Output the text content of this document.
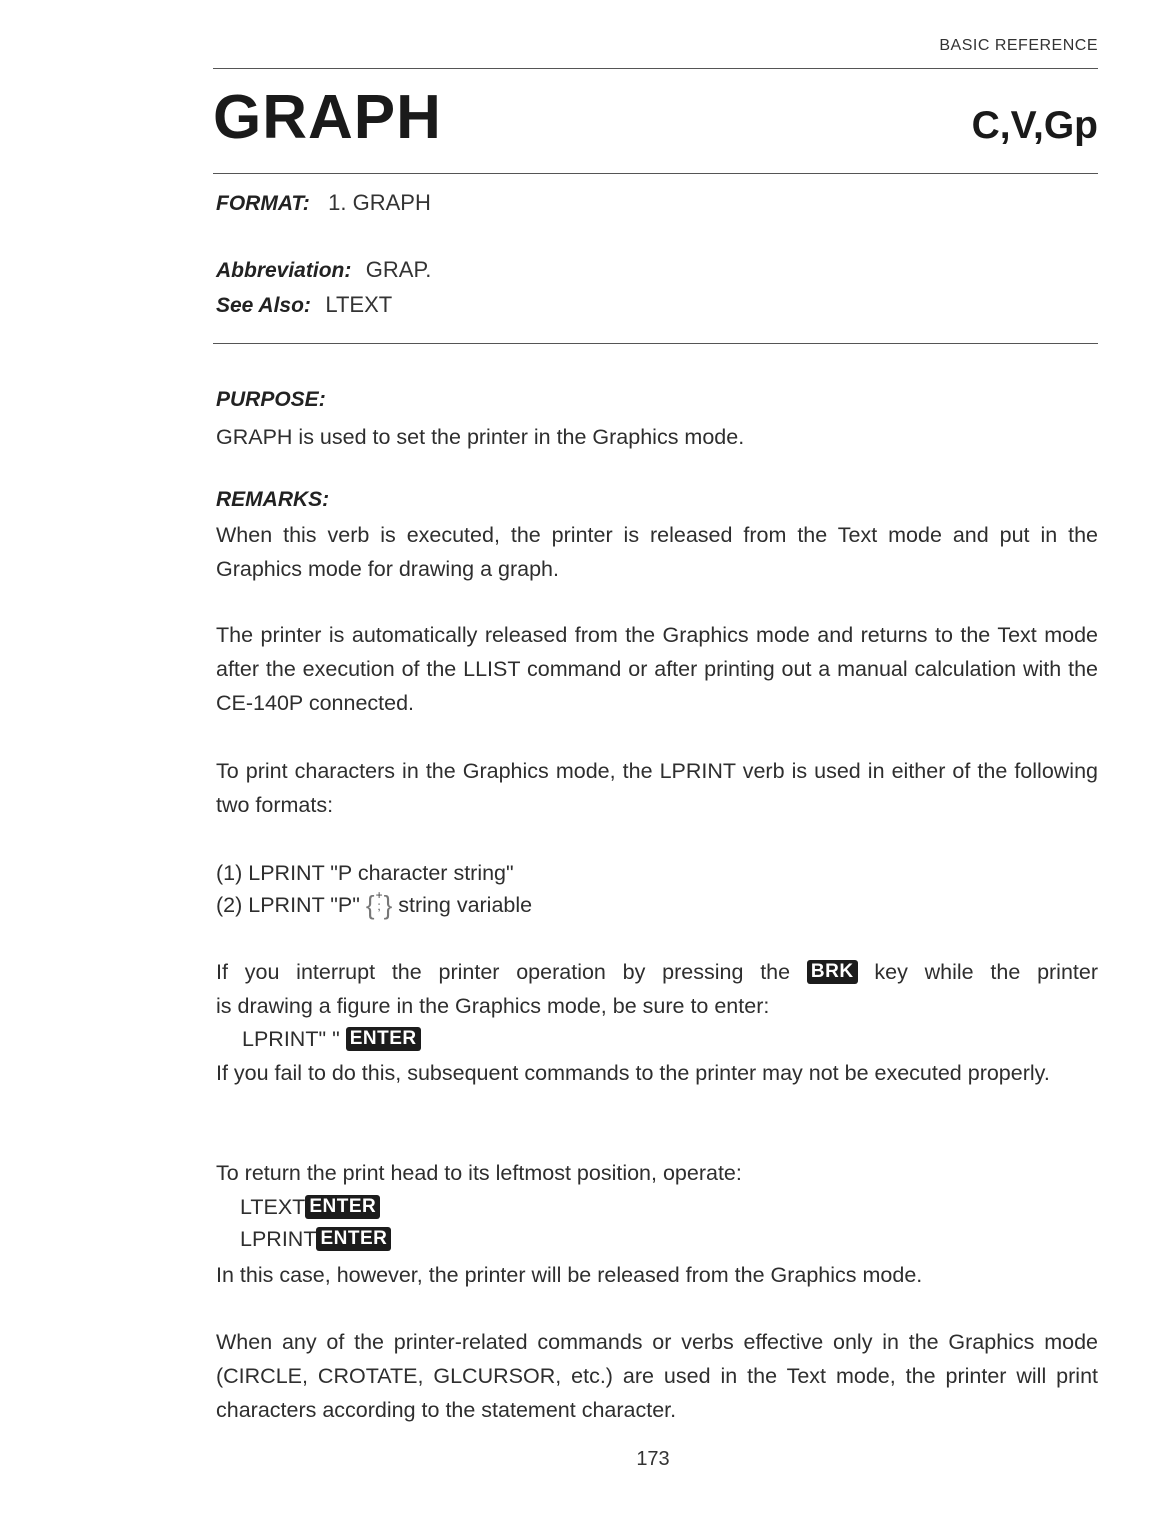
BASIC REFERENCE
GRAPH	C,V,Gp
FORMAT: 1. GRAPH
Abbreviation: GRAP.
See Also: LTEXT
PURPOSE:
GRAPH is used to set the printer in the Graphics mode.
REMARKS:
When this verb is executed, the printer is released from the Text mode and put in the Graphics mode for drawing a graph.
The printer is automatically released from the Graphics mode and returns to the Text mode after the execution of the LLIST command or after printing out a manual calculation with the CE-140P connected.
To print characters in the Graphics mode, the LPRINT verb is used in either of the following two formats:
(1) LPRINT "P character string"
(2) LPRINT "P" {+
; } string variable
If you interrupt the printer operation by pressing the BRK key while the printer
is drawing a figure in the Graphics mode, be sure to enter:
LPRINT" " ENTER
If you fail to do this, subsequent commands to the printer may not be executed properly.
To return the print head to its leftmost position, operate:
LTEXT ENTER
LPRINT ENTER
In this case, however, the printer will be released from the Graphics mode.
When any of the printer-related commands or verbs effective only in the Graphics mode (CIRCLE, CROTATE, GLCURSOR, etc.) are used in the Text mode, the printer will print characters according to the statement character.
173
